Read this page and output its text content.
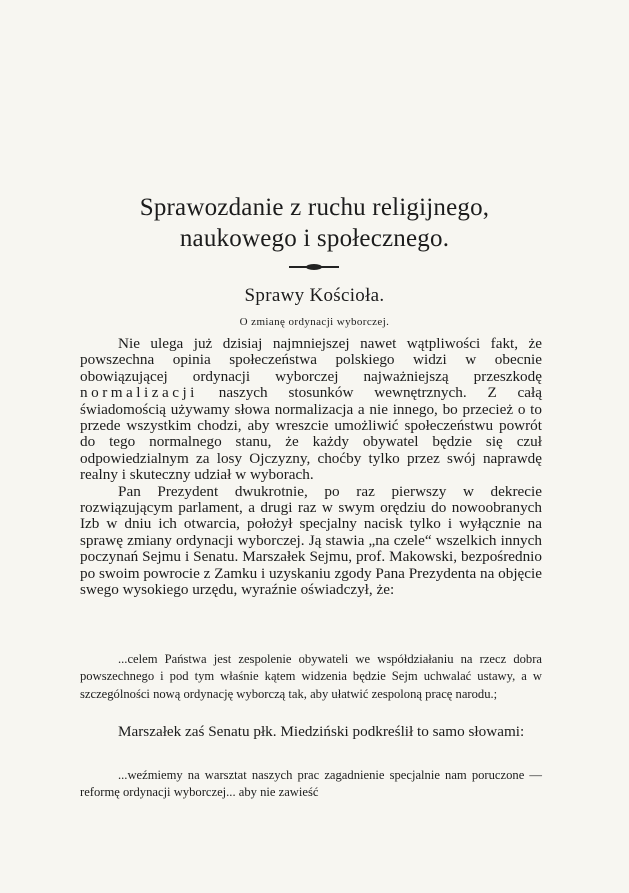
Sprawozdanie z ruchu religijnego,
naukowego i społecznego.
Sprawy Kościoła.
O zmianę ordynacji wyborczej.

Nie ulega już dzisiaj najmniejszej nawet wątpliwości fakt, że powszechna opinia społeczeństwa polskiego widzi w obecnie obowiązującej ordynacji wyborczej najważniejszą przeszkodę normalizacji naszych stosunków wewnętrznych. Z całą świadomością używamy słowa normalizacja a nie innego, bo przecież o to przede wszystkim chodzi, aby wreszcie umożliwić społeczeństwu powrót do tego normalnego stanu, że każdy obywatel będzie się czuł odpowiedzialnym za losy Ojczyzny, choćby tylko przez swój naprawdę realny i skuteczny udział w wyborach.

Pan Prezydent dwukrotnie, po raz pierwszy w dekrecie rozwiązującym parlament, a drugi raz w swym orędziu do nowoobranych Izb w dniu ich otwarcia, położył specjalny nacisk tylko i wyłącznie na sprawę zmiany ordynacji wyborczej. Ją stawia „na czele“ wszelkich innych poczynań Sejmu i Senatu. Marszałek Sejmu, prof. Makowski, bezpośrednio po swoim powrocie z Zamku i uzyskaniu zgody Pana Prezydenta na objęcie swego wysokiego urzędu, wyraźnie oświadczył, że:

...celem Państwa jest zespolenie obywateli we współdziałaniu na rzecz dobra powszechnego i pod tym właśnie kątem widzenia będzie Sejm uchwalać ustawy, a w szczególności nową ordynację wyborczą tak, aby ułatwić zespoloną pracę narodu.;

Marszałek zaś Senatu płk. Miedziński podkreślił to samo słowami:

...weźmiemy na warsztat naszych prac zagadnienie specjalnie nam poruczone — reformę ordynacji wyborczej... aby nie zawieść
